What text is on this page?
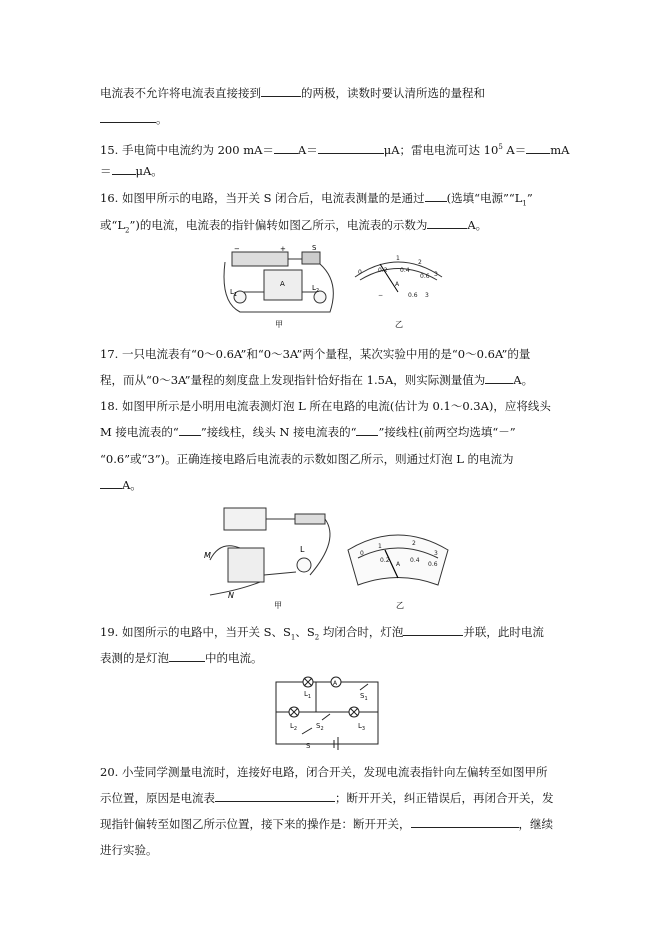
电流表不允许将电流表直接接到	的两极，读数时要认清所选的量程和
。
15. 手电筒中电流约为 200 mA＝ A＝	μA；雷电电流可达 $10^5$ A＝ mA
＝ μA。
16. 如图甲所示的电路，当开关 S 闭合后，电流表测量的是通过 (选填“电源$”“L_1$”
或“$L_2$”)的电流，电流表的指针偏转如图乙所示，电流表的示数为	A。
−	+	S
A
$L_1$
$L_2$
甲
0	0.2
1
0.4
2
0.6 3
A
−	0.6 3
乙
17. 一只电流表有“0～0.6A”和“0～3A”两个量程，某次实验中用的是“0～0.6A”的量
程，而从“0～3A”量程的刻度盘上发现指针恰好指在 1.5A，则实际测量值为 A。
18. 如图甲所示是小明用电流表测灯泡 L 所在电路的电流(估计为 0.1～0.3A)，应将线头
M 接电流表的“ ”接线柱，线头 N 接电流表的“ ”接线柱(前两空均选填“－”
“0.6”或“3”)。正确连接电路后电流表的示数如图乙所示，则通过灯泡 L 的电流为
A。
M
N
L
甲
0
1
0.2
2
0.4
3
0.6
A
乙
19. 如图所示的电路中，当开关 S、$S_1$、$S_2$ 均闭合时，灯泡	并联，此时电流
表测的是灯泡	中的电流。
A
$L_1$
$L_2$	$L_3$
$S_1$
$S_2$
S
20. 小莹同学测量电流时，连接好电路，闭合开关，发现电流表指针向左偏转至如图甲所
示位置，原因是电流表	；断开开关，纠正错误后，再闭合开关，发
现指针偏转至如图乙所示位置，接下来的操作是：断开开关，	，继续
进行实验。
